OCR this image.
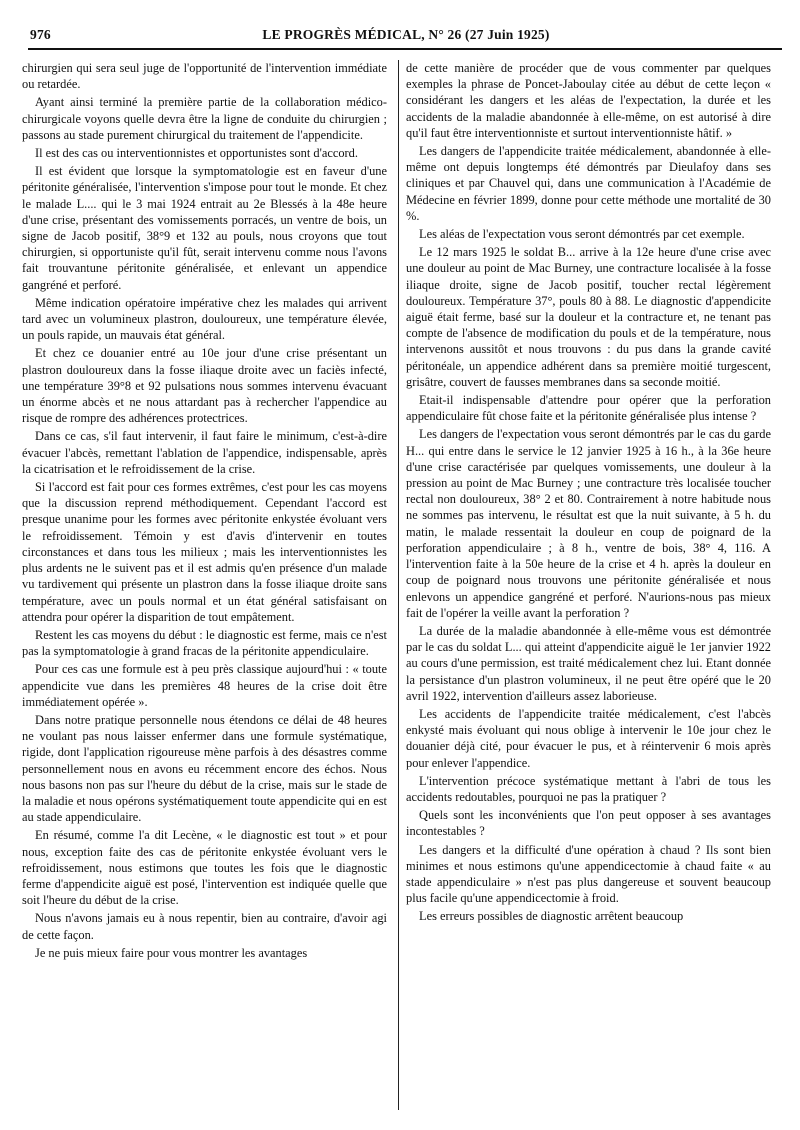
976	LE PROGRÈS MÉDICAL, N° 26 (27 Juin 1925)

chirurgien qui sera seul juge de l'opportunité de l'intervention immédiate ou retardée.

Ayant ainsi terminé la première partie de la collaboration médico-chirurgicale voyons quelle devra être la ligne de conduite du chirurgien ; passons au stade purement chirurgical du traitement de l'appendicite.

Il est des cas ou interventionnistes et opportunistes sont d'accord.

Il est évident que lorsque la symptomatologie est en faveur d'une péritonite généralisée, l'intervention s'impose pour tout le monde. Et chez le malade L.... qui le 3 mai 1924 entrait au 2e Blessés à la 48e heure d'une crise, présentant des vomissements porracés, un ventre de bois, un signe de Jacob positif, 38°9 et 132 au pouls, nous croyons que tout chirurgien, si opportuniste qu'il fût, serait intervenu comme nous l'avons fait trouvantune péritonite généralisée, et enlevant un appendice gangréné et perforé.

Même indication opératoire impérative chez les malades qui arrivent tard avec un volumineux plastron, douloureux, une température élevée, un pouls rapide, un mauvais état général.

Et chez ce douanier entré au 10e jour d'une crise présentant un plastron douloureux dans la fosse iliaque droite avec un faciès infecté, une température 39°8 et 92 pulsations nous sommes intervenu évacuant un énorme abcès et ne nous attardant pas à rechercher l'appendice au risque de rompre des adhérences protectrices.

Dans ce cas, s'il faut intervenir, il faut faire le minimum, c'est-à-dire évacuer l'abcès, remettant l'ablation de l'appendice, indispensable, après la cicatrisation et le refroidissement de la crise.

Si l'accord est fait pour ces formes extrêmes, c'est pour les cas moyens que la discussion reprend méthodiquement. Cependant l'accord est presque unanime pour les formes avec péritonite enkystée évoluant vers le refroidissement. Témoin y est d'avis d'intervenir en toutes circonstances et dans tous les milieux ; mais les interventionnistes les plus ardents ne le suivent pas et il est admis qu'en présence d'un malade vu tardivement qui présente un plastron dans la fosse iliaque droite sans température, avec un pouls normal et un état général satisfaisant on attendra pour opérer la disparition de tout empâtement.

Restent les cas moyens du début : le diagnostic est ferme, mais ce n'est pas la symptomatologie à grand fracas de la péritonite appendiculaire.

Pour ces cas une formule est à peu près classique aujourd'hui : « toute appendicite vue dans les premières 48 heures de la crise doit être immédiatement opérée ».

Dans notre pratique personnelle nous étendons ce délai de 48 heures ne voulant pas nous laisser enfermer dans une formule systématique, rigide, dont l'application rigoureuse mène parfois à des désastres comme personnellement nous en avons eu récemment encore des échos. Nous nous basons non pas sur l'heure du début de la crise, mais sur le stade de la maladie et nous opérons systématiquement toute appendicite qui en est au stade appendiculaire.

En résumé, comme l'a dit Lecène, « le diagnostic est tout » et pour nous, exception faite des cas de péritonite enkystée évoluant vers le refroidissement, nous estimons que toutes les fois que le diagnostic ferme d'appendicite aiguë est posé, l'intervention est indiquée quelle que soit l'heure du début de la crise.

Nous n'avons jamais eu à nous repentir, bien au contraire, d'avoir agi de cette façon.

Je ne puis mieux faire pour vous montrer les avantages

de cette manière de procéder que de vous commenter par quelques exemples la phrase de Poncet-Jaboulay citée au début de cette leçon « considérant les dangers et les aléas de l'expectation, la durée et les accidents de la maladie abandonnée à elle-même, on est autorisé à dire qu'il faut être interventionniste et surtout interventionniste hâtif. »

Les dangers de l'appendicite traitée médicalement, abandonnée à elle-même ont depuis longtemps été démontrés par Dieulafoy dans ses cliniques et par Chauvel qui, dans une communication à l'Académie de Médecine en février 1899, donne pour cette méthode une mortalité de 30 %.

Les aléas de l'expectation vous seront démontrés par cet exemple.

Le 12 mars 1925 le soldat B... arrive à la 12e heure d'une crise avec une douleur au point de Mac Burney, une contracture localisée à la fosse iliaque droite, signe de Jacob positif, toucher rectal légèrement douloureux. Température 37°, pouls 80 à 88. Le diagnostic d'appendicite aiguë était ferme, basé sur la douleur et la contracture et, ne tenant pas compte de l'absence de modification du pouls et de la température, nous intervenons aussitôt et nous trouvons : du pus dans la grande cavité péritonéale, un appendice adhérent dans sa première moitié turgescent, grisâtre, couvert de fausses membranes dans sa seconde moitié.

Etait-il indispensable d'attendre pour opérer que la perforation appendiculaire fût chose faite et la péritonite généralisée plus intense ?

Les dangers de l'expectation vous seront démontrés par le cas du garde H... qui entre dans le service le 12 janvier 1925 à 16 h., à la 36e heure d'une crise caractérisée par quelques vomissements, une douleur à la pression au point de Mac Burney ; une contracture très localisée toucher rectal non douloureux, 38° 2 et 80. Contrairement à notre habitude nous ne sommes pas intervenu, le résultat est que la nuit suivante, à 5 h. du matin, le malade ressentait la douleur en coup de poignard de la perforation appendiculaire ; à 8 h., ventre de bois, 38° 4, 116. A l'intervention faite à la 50e heure de la crise et 4 h. après la douleur en coup de poignard nous trouvons une péritonite généralisée et nous enlevons un appendice gangréné et perforé. N'aurions-nous pas mieux fait de l'opérer la veille avant la perforation ?

La durée de la maladie abandonnée à elle-même vous est démontrée par le cas du soldat L... qui atteint d'appendicite aiguë le 1er janvier 1922 au cours d'une permission, est traité médicalement chez lui. Etant donnée la persistance d'un plastron volumineux, il ne peut être opéré que le 20 avril 1922, intervention d'ailleurs assez laborieuse.

Les accidents de l'appendicite traitée médicalement, c'est l'abcès enkysté mais évoluant qui nous oblige à intervenir le 10e jour chez le douanier déjà cité, pour évacuer le pus, et à réintervenir 6 mois après pour enlever l'appendice.

L'intervention précoce systématique mettant à l'abri de tous les accidents redoutables, pourquoi ne pas la pratiquer ?

Quels sont les inconvénients que l'on peut opposer à ses avantages incontestables ?

Les dangers et la difficulté d'une opération à chaud ? Ils sont bien minimes et nous estimons qu'une appendicectomie à chaud faite « au stade appendiculaire » n'est pas plus dangereuse et souvent beaucoup plus facile qu'une appendicectomie à froid.

Les erreurs possibles de diagnostic arrêtent beaucoup
